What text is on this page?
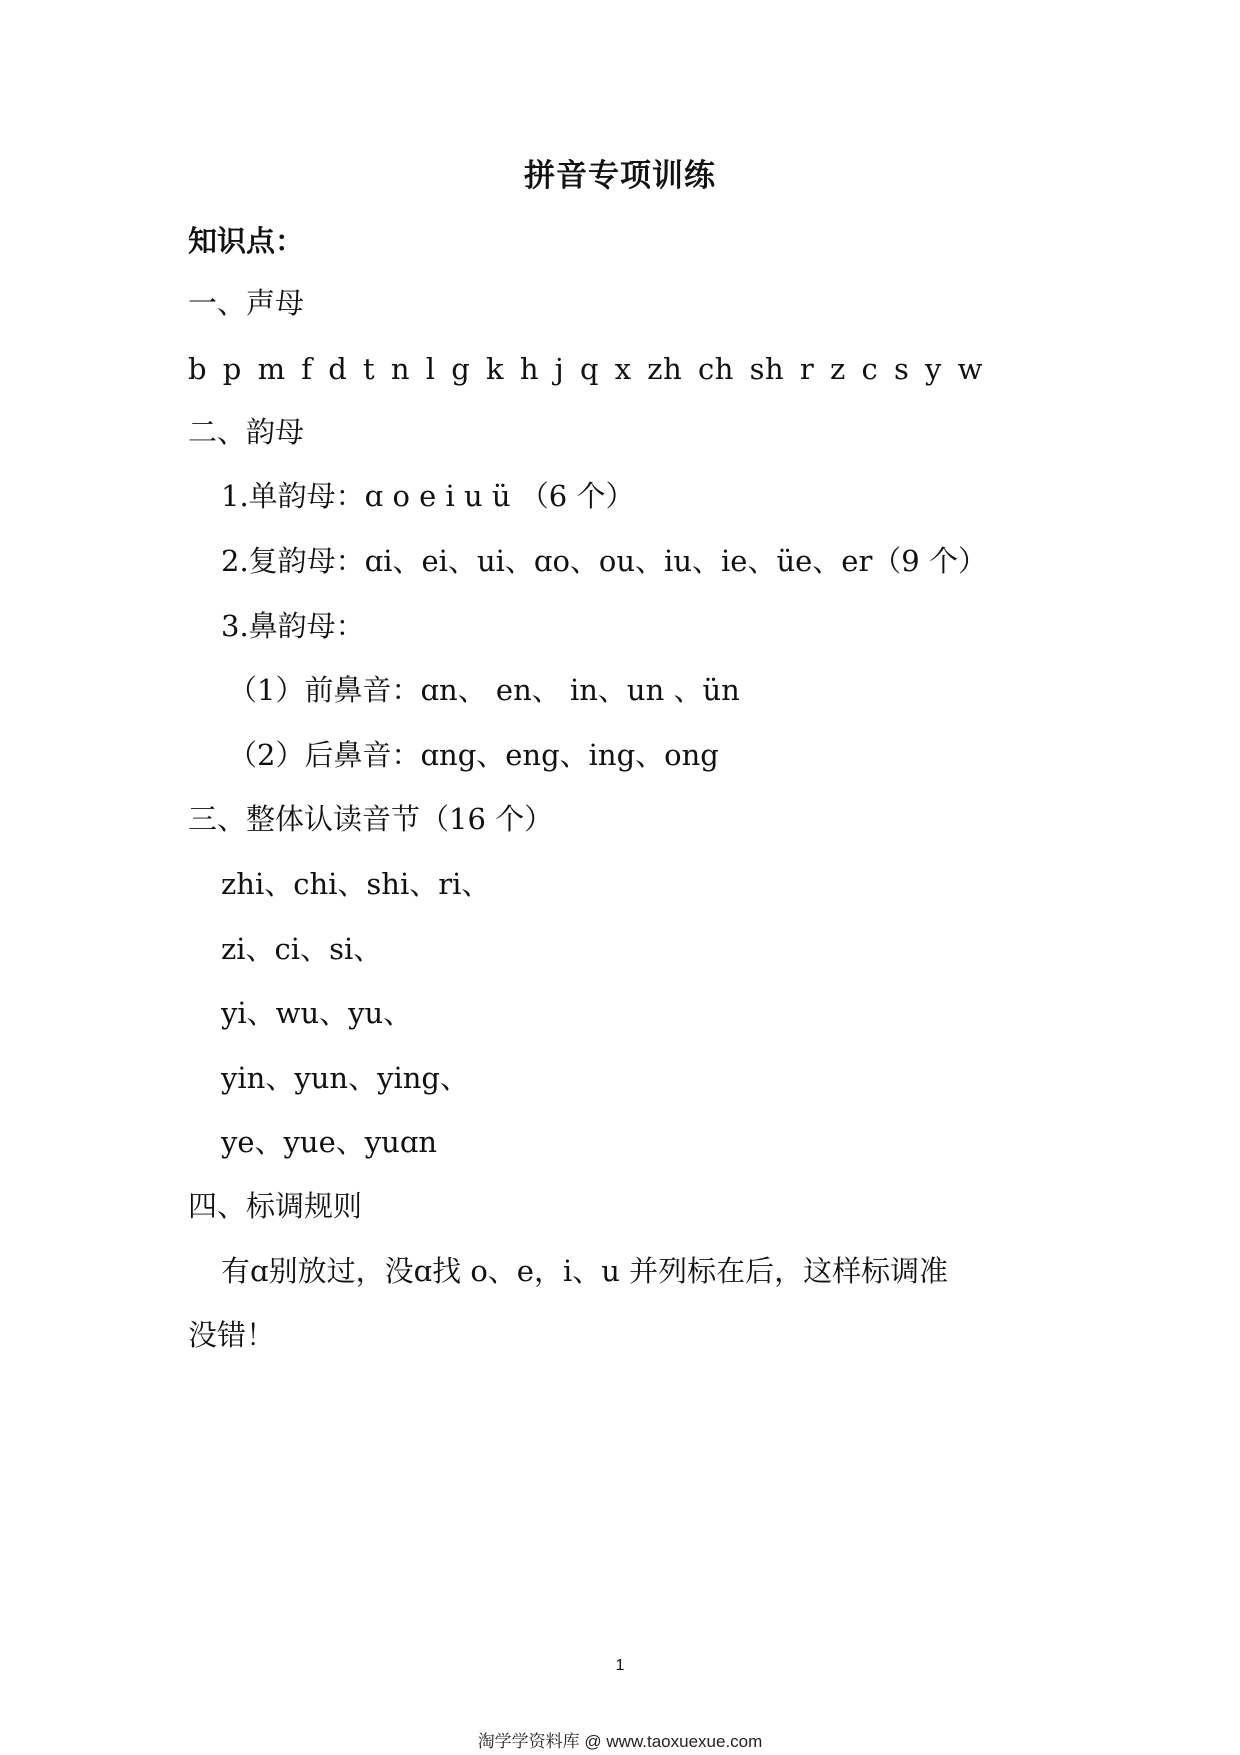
拼音专项训练
知识点：
一、声母
b p m f d t n l g k h j q x zh ch sh r z c s y w
二、韵母
1.单韵母：ɑ o e i u ü （6 个）
2.复韵母：ɑi、ei、ui、ɑo、ou、iu、ie、üe、er（9 个）
3.鼻韵母：
（1）前鼻音：ɑn、 en、 in、un 、ün
（2）后鼻音：ɑng、eng、ing、ong
三、整体认读音节（16 个）
zhi、chi、shi、ri、
zi、ci、si、
yi、wu、yu、
yin、yun、ying、
ye、yue、yuɑn
四、标调规则
有ɑ别放过，没ɑ找 o、e，i、u 并列标在后，这样标调准
没错！
1
淘学学资料库 @ www.taoxuexue.com
